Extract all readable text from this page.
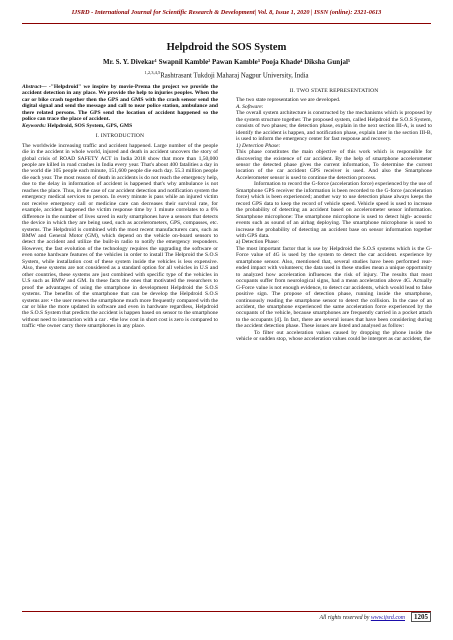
IJSRD - International Journal for Scientific Research & Development| Vol. 8, Issue 1, 2020 | ISSN (online): 2321-0613
Helpdroid the SOS System
Mr. S. Y. Divekar¹ Swapnil Kamble² Pawan Kamble³ Pooja Khade⁴ Diksha Gunjal⁵
$^{1,2,3,4,5}$Rashtrasant Tukdoji Maharaj Nagpur University, India

Abstract— -"Helpdroid" we inspire by movie-Prema the project we provide the accident detection in any place. We provide the help to injuries peoples. When the car or bike crash together then the GPS and GMS with the crash sensor send the digital signal and send the message and call to near police station, ambulance and there related persons. The GPS send the location of accident happened so the police can trace the place of accident.

Keywords: Helpdroid, SOS System, GPS, GMS

I. INTRODUCTION

The worldwide increasing traffic and accident happened. Large number of the people die in the accident in whole world, injured and death in accident uncovers the story of global crisis of ROAD SAFETY ACT in India 2018 show that more than 1,50,000 people are killed in road crashes in India every year. That's about 400 fatalities a day in the world die 105 people each minute, 151,600 people die each day. 55.3 million people die each year. The most reason of death in accidents is do not reach the emergency help, due to the delay in information of accident is happened that's why ambulance is not reaches the place. Thus, in the case of car accident detection and notification system the emergency medical services to person. In every minute is pass while an injured victim not receive emergency call or medicine care can decreases their survival rate, for example, accident happened the victim response time by 1 minute correlates to a 6% difference in the number of lives saved in early smartphones have a sensors that detects the device in which they are being used, such as accelerometers, GPS, compasses, etc. systems. The Helpdroid is combined with the most recent manufacturers cars, such as BMW and General Motor (GM), which depend on the vehicle on-board sensors to detect the accident and utilize the built-in radio to notify the emergency responders. However, the fast evolution of the technology requires the upgrading the software or even some hardware features of the vehicles in order to install The Helproid the S.O.S System, while installation cost of these system inside the vehicles is less expensive. Also, these systems are not considered as a standard option for all vehicles in U.S and other countries, these systems are just combined with specific type of the vehicles in U.S such as BMW and GM. In these facts the ones that motivated the researchers to proof the advantages of using the smartphone in development Helpdroid the S.O.S systems. The benefits of the smartphone that can be develop the Helpdroid S.O.S systems are: • the user renews the smartphone much more frequently compared with the car or bike the more updated in software and even in hardware regardless, Helpdroid the S.O.S System that predicts the accident is happen based on sensor to the smartphone without need to interaction with a car . •the low cost in short cost is zero is compared to traffic •the owner carry there smartphones in any place.

II. TWO STATE REPRESENTATION

The two state representation we are developed.

A. Software:

The overall system architecture is constructed by the mechanisms which is proposed by the system structure together. The proposed system, called Helpdroid the S.O.S System, consists of two phases; the detection phase, explain in the next section III-A, is used to identify the accident is happen, and notification phase, explain later in the section III-B, is used to inform the emergency center for fast response and recovery.

1) Detection Phase:

This phase constitutes the main objective of this work which is responsible for discovering the existence of car accident. By the help of smartphone accelerometer sensor the detected phase gives the current information, To determine the current location of the car accident GPS receiver is used. And also the Smartphone Accelerometer sensor is used to continue the detection process.

Information to record the G-force (acceleration force) experienced by the use of Smartphone GPS receiver the information is been recorded to the G-force (acceleration force) which is been experienced; another way to use detection phase always keeps the record GPS data to keep the record of vehicle speed. Vehicle speed is used to increase the probability of detecting an accident based on accelerometer sensor information. Smartphone microphone: The smartphone microphone is used to detect high- acoustic events such as sound of an airbag deploying. The smartphone microphone is used to increase the probability of detecting an accident base on sensor information together with GPS data.

a) Detection Phase:

The most important factor that is use by Helpdroid the S.O.S systems which is the G-Force value of 4G is used by the system to detect the car accident. experience by smartphone sensor. Also, mentioned that, several studies have been performed rear-ended impact with volunteers; the data used in these studies mean a unique opportunity to analyzed how acceleration influences the risk of injury. The results that most occupants suffer from neurological signs, had a mean acceleration above 4G. Actually G-Force value is not enough evidence, to detect car accidents, which would lead to false positive sign. The propose of detection phase, running inside the smartphone, continuously reading the smartphone sensor to detect the collision. In the case of an accident, the smartphone experienced the same acceleration force experienced by the occupants of the vehicle, because smartphones are frequently carried in a pocket attach to the occupants [4]. In fact, there are several issues that have been considering during the accident detection phase. These issues are listed and analysed as follow:

To filter out acceleration values caused by dropping the phone inside the vehicle or sudden stop, whose acceleration values could be interpret as car accident, the

All rights reserved by www.ijsrd.com 1205
